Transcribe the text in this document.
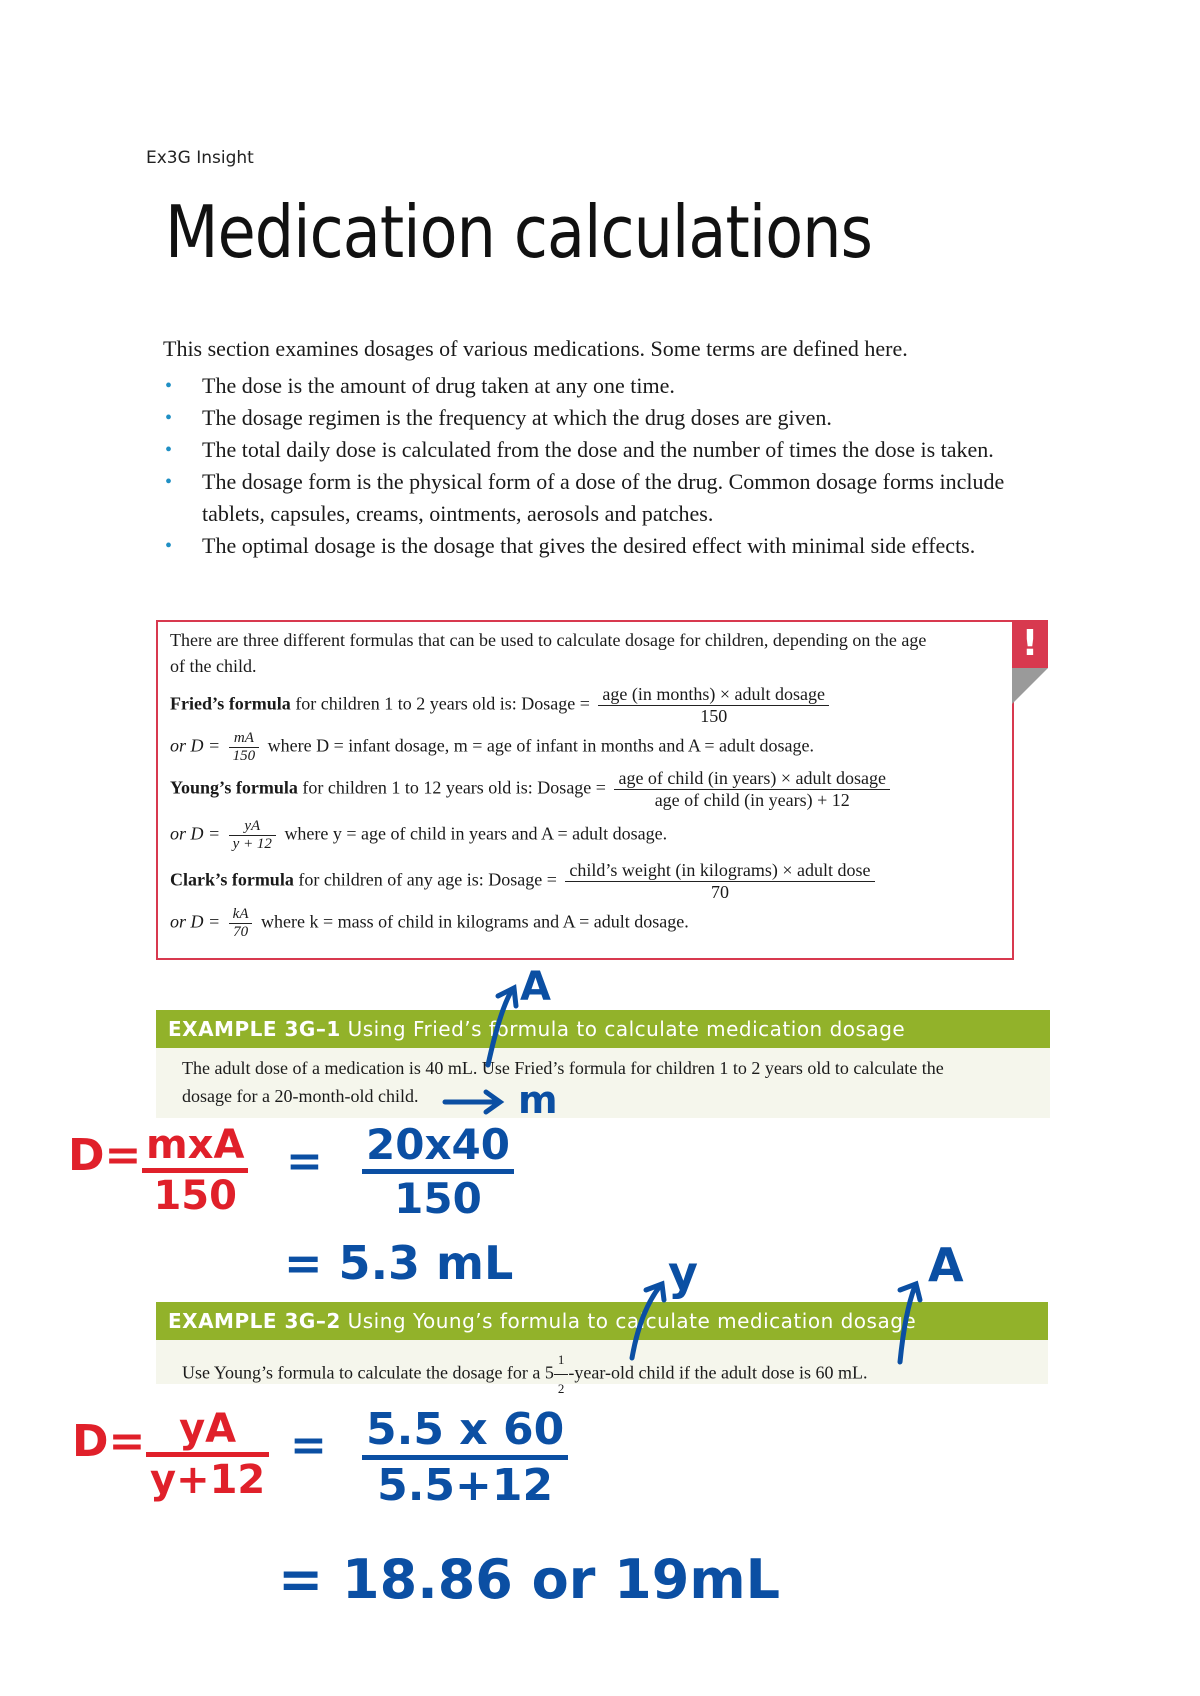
Ex3G Insight
Medication calculations
This section examines dosages of various medications. Some terms are defined here.
• The dose is the amount of drug taken at any one time.
• The dosage regimen is the frequency at which the drug doses are given.
• The total daily dose is calculated from the dose and the number of times the dose is taken.
• The dosage form is the physical form of a dose of the drug. Common dosage forms include tablets, capsules, creams, ointments, aerosols and patches.
• The optimal dosage is the dosage that gives the desired effect with minimal side effects.
!
There are three different formulas that can be used to calculate dosage for children, depending on the age
of the child.
Fried’s formula for children 1 to 2 years old is: Dosage = $\frac{\text{age (in months) × adult dosage}}{150}$
or $D = \frac{mA}{150}$ where D = infant dosage, m = age of infant in months and A = adult dosage.
Young’s formula for children 1 to 12 years old is: Dosage = $\frac{\text{age of child (in years) × adult dosage}}{\text{age of child (in years) + 12}}$
or $D = \frac{yA}{y + 12}$ where y = age of child in years and A = adult dosage.
Clark’s formula for children of any age is: Dosage = $\frac{\text{child’s weight (in kilograms) × adult dose}}{70}$
or $D = \frac{kA}{70}$ where k = mass of child in kilograms and A = adult dosage.
EXAMPLE 3G–1 Using Fried’s formula to calculate medication dosage
The adult dose of a medication is 40 mL. Use Fried’s formula for children 1 to 2 years old to calculate the
dosage for a 20-month-old child.
EXAMPLE 3G–2 Using Young’s formula to calculate medication dosage
Use Young’s formula to calculate the dosage for a $5 \frac{1}{2}$ -year-old child if the adult dose is 60 mL.
A
m
y	A
D= mxA
150
= $\frac{20x40}{150}$
= 5.3 mL
$D= \frac{yA}{y+12} = \frac{5.5 x 60}{5.5+12}$
= 18.86 or 19mL
